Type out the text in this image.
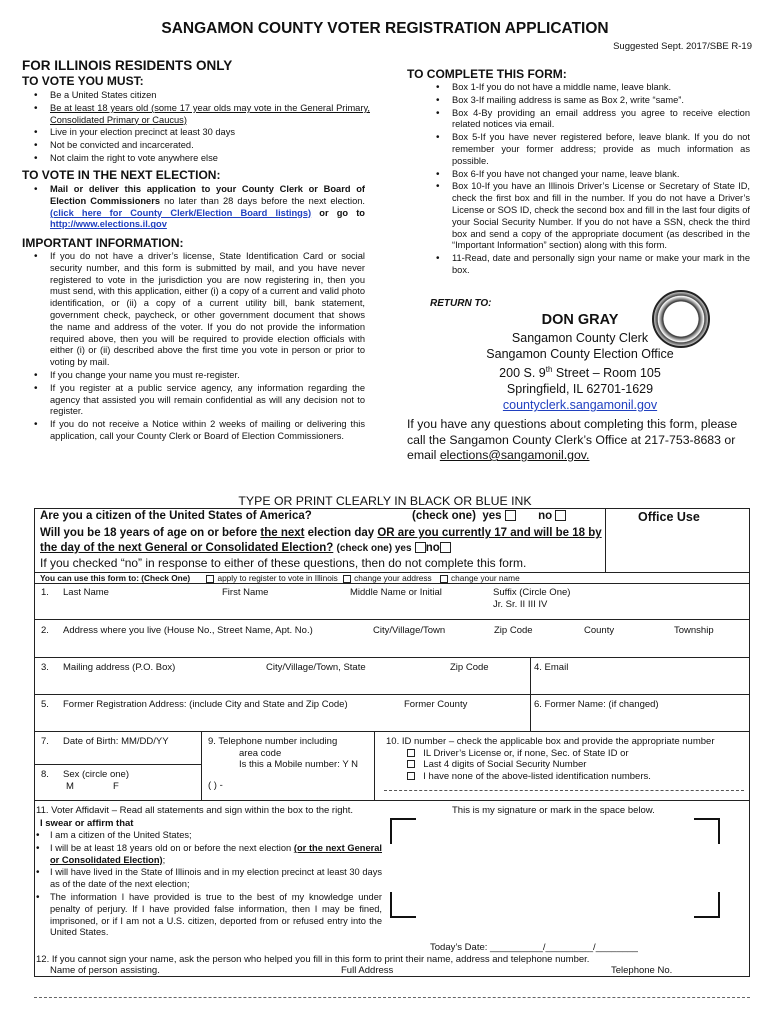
SANGAMON COUNTY VOTER REGISTRATION APPLICATION
Suggested Sept. 2017/SBE R-19
FOR ILLINOIS RESIDENTS ONLY
TO VOTE YOU MUST:
• Be a United States citizen
• Be at least 18 years old (some 17 year olds may vote in the General Primary, Consolidated Primary or Caucus)
• Live in your election precinct at least 30 days
• Not be convicted and incarcerated.
• Not claim the right to vote anywhere else
TO VOTE IN THE NEXT ELECTION:
• Mail or deliver this application to your County Clerk or Board of Election Commissioners no later than 28 days before the next election. (click here for County Clerk/Election Board listings) or go to http://www.elections.il.gov
IMPORTANT INFORMATION:
• If you do not have a driver’s license, State Identification Card or social security number, and this form is submitted by mail, and you have never registered to vote in the jurisdiction you are now registering in, then you must send, with this application, either (i) a copy of a current and valid photo identification, or (ii) a copy of a current utility bill, bank statement, government check, paycheck, or other government document that shows the name and address of the voter. If you do not provide the information required above, then you will be required to provide election officials with either (i) or (ii) described above the first time you vote in person or prior to voting by mail.
• If you change your name you must re-register.
• If you register at a public service agency, any information regarding the agency that assisted you will remain confidential as will any decision not to register.
• If you do not receive a Notice within 2 weeks of mailing or delivering this application, call your County Clerk or Board of Election Commissioners.
TO COMPLETE THIS FORM:
• Box 1-If you do not have a middle name, leave blank.
• Box 3-If mailing address is same as Box 2, write “same”.
• Box 4-By providing an email address you agree to receive election related notices via email.
• Box 5-If you have never registered before, leave blank. If you do not remember your former address; provide as much information as possible.
• Box 6-If you have not changed your name, leave blank.
• Box 10-If you have an Illinois Driver’s License or Secretary of State ID, check the first box and fill in the number. If you do not have a Driver’s License or SOS ID, check the second box and fill in the last four digits of your Social Security Number. If you do not have a SSN, check the third box and send a copy of the appropriate document (as described in the “Important Information” section) along with this form.
• 11-Read, date and personally sign your name or make your mark in the box.
RETURN TO:
DON GRAY
Sangamon County Clerk
Sangamon County Election Office
200 S. 9th Street – Room 105
Springfield, IL 62701-1629
countyclerk.sangamonil.gov
If you have any questions about completing this form, please call the Sangamon County Clerk’s Office at 217-753-8683 or email elections@sangamonil.gov.
TYPE OR PRINT CLEARLY IN BLACK OR BLUE INK
Are you a citizen of the United States of America?	(check one) yes	no	Office Use
Will you be 18 years of age on or before the next election day OR are you currently 17 and will be 18 by the day of the next General or Consolidated Election? (check one) yes no
If you checked “no” in response to either of these questions, then do not complete this form.
You can use this form to: (Check One)	apply to register to vote in Illinois change your address change your name
1. Last Name	First Name	Middle Name or Initial	Suffix (Circle One)
Jr. Sr. II III IV
2. Address where you live (House No., Street Name, Apt. No.)	City/Village/Town	Zip Code	County	Township
3. Mailing address (P.O. Box)	City/Village/Town, State	Zip Code	4. Email
5. Former Registration Address: (include City and State and Zip Code)	Former County	6. Former Name: (if changed)
7. Date of Birth: MM/DD/YY
8. Sex (circle one)
M	F
9. Telephone number including
area code
Is this a Mobile number: Y N
( ) -
10. ID number – check the applicable box and provide the appropriate number
IL Driver’s License or, if none, Sec. of State ID or
Last 4 digits of Social Security Number
I have none of the above-listed identification numbers.
11. Voter Affidavit – Read all statements and sign within the box to the right.
I swear or affirm that
• I am a citizen of the United States;
• I will be at least 18 years old on or before the next election (or the next General or Consolidated Election);
• I will have lived in the State of Illinois and in my election precinct at least 30 days as of the date of the next election;
• The information I have provided is true to the best of my knowledge under penalty of perjury. If I have provided false information, then I may be fined, imprisoned, or if I am not a U.S. citizen, deported from or refused entry into the United States.
This is my signature or mark in the space below.
Today’s Date: __________/_________/________
12. If you cannot sign your name, ask the person who helped you fill in this form to print their name, address and telephone number.
Name of person assisting.	Full Address	Telephone No.
